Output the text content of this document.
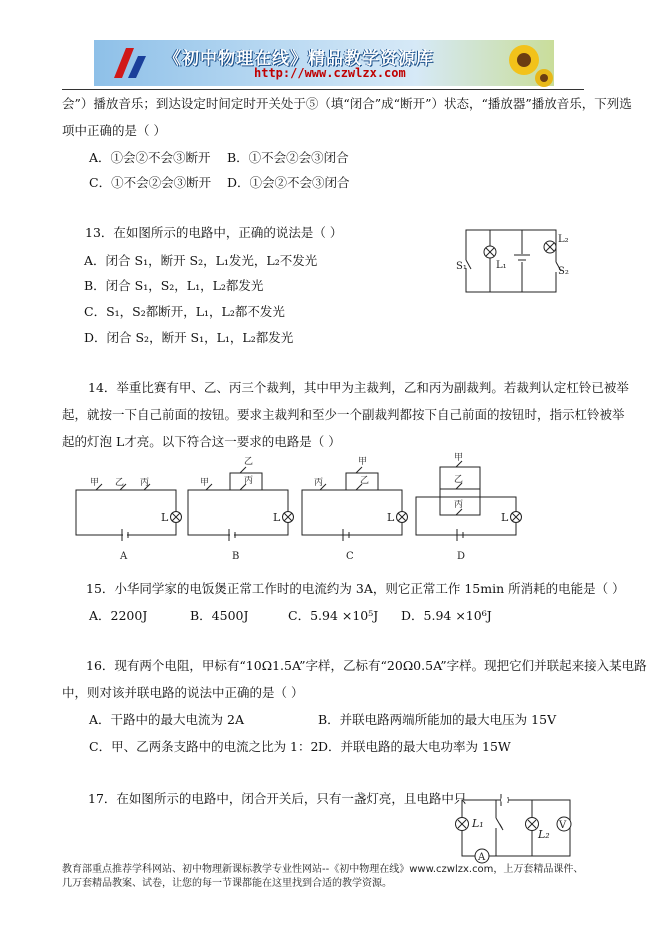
《初中物理在线》精品教学资源库
http://www.czwlzx.com
会”）播放音乐；到达设定时间定时开关处于⑤（填“闭合”成“断开”）状态，“播放器”播放音乐，下列选
项中正确的是（ ）
A．①会②不会③断开 B．①不会②会③闭合
C．①不会②会③断开 D．①会②不会③闭合
13．在如图所示的电路中，正确的说法是（ ）
A．闭合 S₁，断开 S₂，L₁发光，L₂不发光
B．闭合 S₁，S₂，L₁，L₂都发光
C．S₁，S₂都断开，L₁，L₂都不发光
D．闭合 S₂，断开 S₁，L₁，L₂都发光
S₁	L₁
L₂
S₂
14．举重比赛有甲、乙、丙三个裁判，其中甲为主裁判，乙和丙为副裁判。若裁判认定杠铃已被举
起，就按一下自己前面的按钮。要求主裁判和至少一个副裁判都按下自己前面的按钮时，指示杠铃被举
起的灯泡 L才亮。以下符合这一要求的电路是（ ）
甲 乙 丙
L
A
甲
乙
丙
L
B
丙
甲
乙
L
C
甲
乙
丙
L
D
15．小华同学家的电饭煲正常工作时的电流约为 3A，则它正常工作 15min 所消耗的电能是（ ）
A．2200J	B．4500J	C．5.94 ×10⁵J D．5.94 ×10⁶J
16．现有两个电阻，甲标有“10Ω1.5A”字样，乙标有“20Ω0.5A”字样。现把它们并联起来接入某电路
中，则对该并联电路的说法中正确的是（ ）
A．干路中的最大电流为 2A	B．并联电路两端所能加的最大电压为 15V
C．甲、乙两条支路中的电流之比为 1：2 D．并联电路的最大电功率为 15W
17．在如图所示的电路中，闭合开关后，只有一盏灯亮，且电路中只
L₁
L₂
V
A
教育部重点推荐学科网站、初中物理新课标教学专业性网站--《初中物理在线》www.czwlzx.com，上万套精品课件、
几万套精品教案、试卷，让您的每一节课都能在这里找到合适的教学资源。
